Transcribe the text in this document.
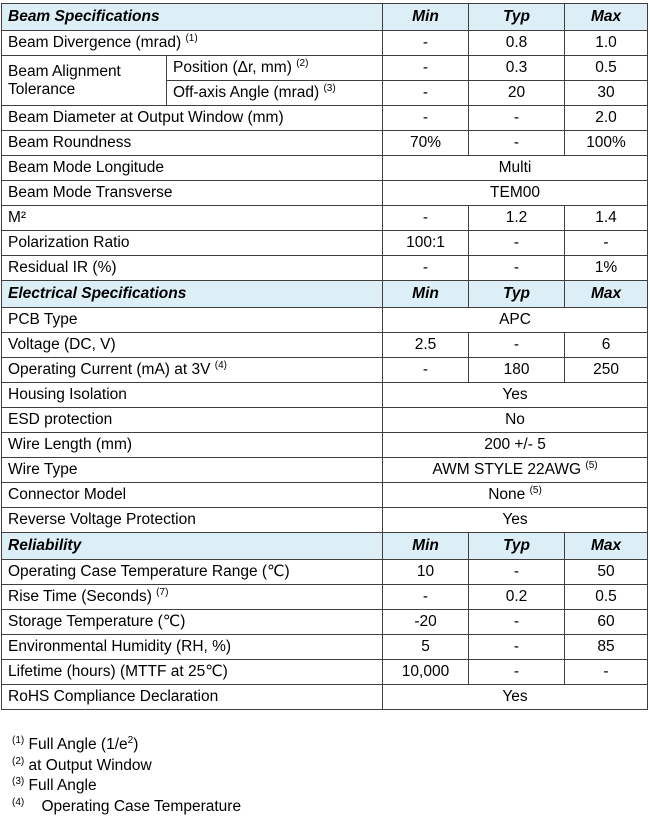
Beam Specifications		Min	Typ	Max
Beam Divergence (mrad) $^{(1)}$		-	0.8	1.0
Beam Alignment Tolerance	Position (Δr, mm) $^{(2)}$	-	0.3	0.5
	Off-axis Angle (mrad) $^{(3)}$	-	20	30
Beam Diameter at Output Window (mm)		-	-	2.0
Beam Roundness		70%	-	100%
Beam Mode Longitude		Multi		
Beam Mode Transverse		TEM00		
M²		-	1.2	1.4
Polarization Ratio		100:1	-	-
Residual IR (%)		-	-	1%
Electrical Specifications		Min	Typ	Max
PCB Type		APC		
Voltage (DC, V)		2.5	-	6
Operating Current (mA) at 3V $^{(4)}$		-	180	250
Housing Isolation		Yes		
ESD protection		No		
Wire Length (mm)		200 +/- 5		
Wire Type		AWM STYLE 22AWG $^{(5)}$
Connector Model		None $^{(5)}$
Reverse Voltage Protection		Yes		
Reliability		Min	Typ	Max
Operating Case Temperature Range (℃)		10	-	50
Rise Time (Seconds) $^{(7)}$		-	0.2	0.5
Storage Temperature (℃)		-20	-	60
Environmental Humidity (RH, %)		5	-	85
Lifetime (hours) (MTTF at 25℃)		10,000	-	-
RoHS Compliance Declaration		Yes		
$^{(1)}$ Full Angle $(1/e^2)$
$^{(2)}$ at Output Window
$^{(3)}$ Full Angle
$^{(4)}$    Operating Case Temperature
